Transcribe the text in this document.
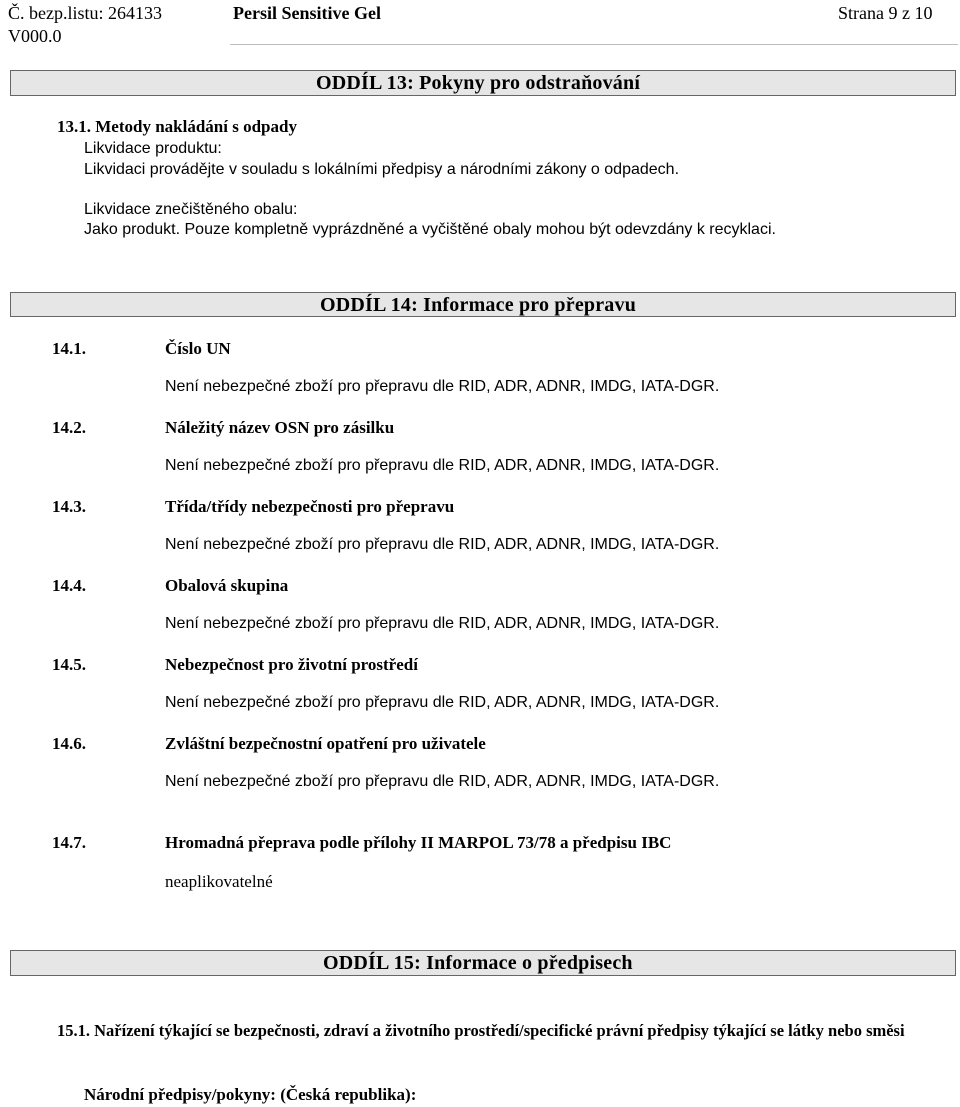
Č. bezp.listu: 264133
V000.0
Persil Sensitive Gel	Strana 9 z 10
ODDÍL 13: Pokyny pro odstraňování
13.1. Metody nakládání s odpady
Likvidace produktu:
Likvidaci provádějte v souladu s lokálními předpisy a národními zákony o odpadech.
Likvidace znečištěného obalu:
Jako produkt. Pouze kompletně vyprázdněné a vyčištěné obaly mohou být odevzdány k recyklaci.
ODDÍL 14: Informace pro přepravu
14.1.	Číslo UN
Není nebezpečné zboží pro přepravu dle RID, ADR, ADNR, IMDG, IATA-DGR.
14.2.	Náležitý název OSN pro zásilku
Není nebezpečné zboží pro přepravu dle RID, ADR, ADNR, IMDG, IATA-DGR.
14.3.	Třída/třídy nebezpečnosti pro přepravu
Není nebezpečné zboží pro přepravu dle RID, ADR, ADNR, IMDG, IATA-DGR.
14.4.	Obalová skupina
Není nebezpečné zboží pro přepravu dle RID, ADR, ADNR, IMDG, IATA-DGR.
14.5.	Nebezpečnost pro životní prostředí
Není nebezpečné zboží pro přepravu dle RID, ADR, ADNR, IMDG, IATA-DGR.
14.6.	Zvláštní bezpečnostní opatření pro uživatele
Není nebezpečné zboží pro přepravu dle RID, ADR, ADNR, IMDG, IATA-DGR.
14.7.	Hromadná přeprava podle přílohy II MARPOL 73/78 a předpisu IBC
neaplikovatelné
ODDÍL 15: Informace o předpisech
15.1. Nařízení týkající se bezpečnosti, zdraví a životního prostředí/specifické právní předpisy týkající se látky nebo směsi
Národní předpisy/pokyny: (Česká republika):
